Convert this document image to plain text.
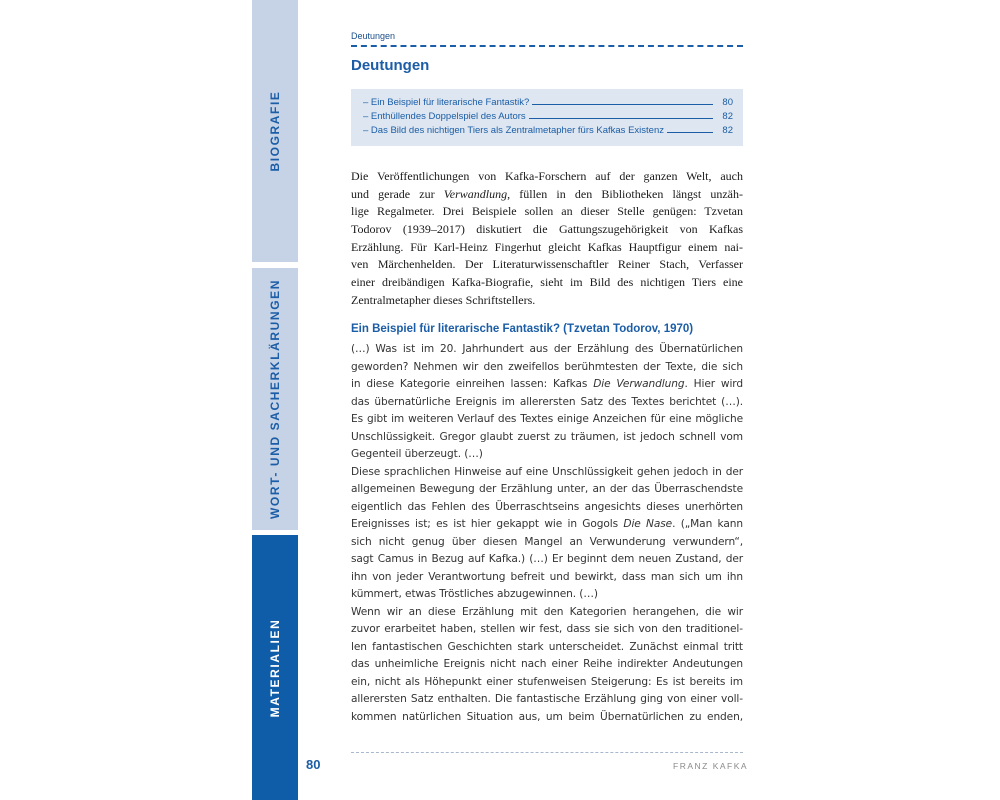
BIOGRAFIE
WORT- UND SACHERKLÄRUNGEN
MATERIALIEN
Deutungen
Deutungen
– Ein Beispiel für literarische Fantastik?	80
– Enthüllendes Doppelspiel des Autors	82
– Das Bild des nichtigen Tiers als Zentralmetapher fürs Kafkas Existenz	82
Die Veröffentlichungen von Kafka-Forschern auf der ganzen Welt, auch
und gerade zur Verwandlung, füllen in den Bibliotheken längst unzäh-
lige Regalmeter. Drei Beispiele sollen an dieser Stelle genügen: Tzvetan
Todorov (1939–2017) diskutiert die Gattungszugehörigkeit von Kafkas
Erzählung. Für Karl-Heinz Fingerhut gleicht Kafkas Hauptfigur einem nai-
ven Märchenhelden. Der Literaturwissenschaftler Reiner Stach, Verfasser
einer dreibändigen Kafka-Biografie, sieht im Bild des nichtigen Tiers eine
Zentralmetapher dieses Schriftstellers.
Ein Beispiel für literarische Fantastik? (Tzvetan Todorov, 1970)
(…) Was ist im 20. Jahrhundert aus der Erzählung des Übernatürlichen
geworden? Nehmen wir den zweifellos berühmtesten der Texte, die sich
in diese Kategorie einreihen lassen: Kafkas Die Verwandlung. Hier wird
das übernatürliche Ereignis im allerersten Satz des Textes berichtet (…).
Es gibt im weiteren Verlauf des Textes einige Anzeichen für eine mögliche
Unschlüssigkeit. Gregor glaubt zuerst zu träumen, ist jedoch schnell vom
Gegenteil überzeugt. (…)
Diese sprachlichen Hinweise auf eine Unschlüssigkeit gehen jedoch in der
allgemeinen Bewegung der Erzählung unter, an der das Überraschendste
eigentlich das Fehlen des Überraschtseins angesichts dieses unerhörten
Ereignisses ist; es ist hier gekappt wie in Gogols Die Nase. („Man kann
sich nicht genug über diesen Mangel an Verwunderung verwundern“,
sagt Camus in Bezug auf Kafka.) (…) Er beginnt dem neuen Zustand, der
ihn von jeder Verantwortung befreit und bewirkt, dass man sich um ihn
kümmert, etwas Tröstliches abzugewinnen. (…)
Wenn wir an diese Erzählung mit den Kategorien herangehen, die wir
zuvor erarbeitet haben, stellen wir fest, dass sie sich von den traditionel-
len fantastischen Geschichten stark unterscheidet. Zunächst einmal tritt
das unheimliche Ereignis nicht nach einer Reihe indirekter Andeutungen
ein, nicht als Höhepunkt einer stufenweisen Steigerung: Es ist bereits im
allerersten Satz enthalten. Die fantastische Erzählung ging von einer voll-
kommen natürlichen Situation aus, um beim Übernatürlichen zu enden,
80	FRANZ KAFKA
